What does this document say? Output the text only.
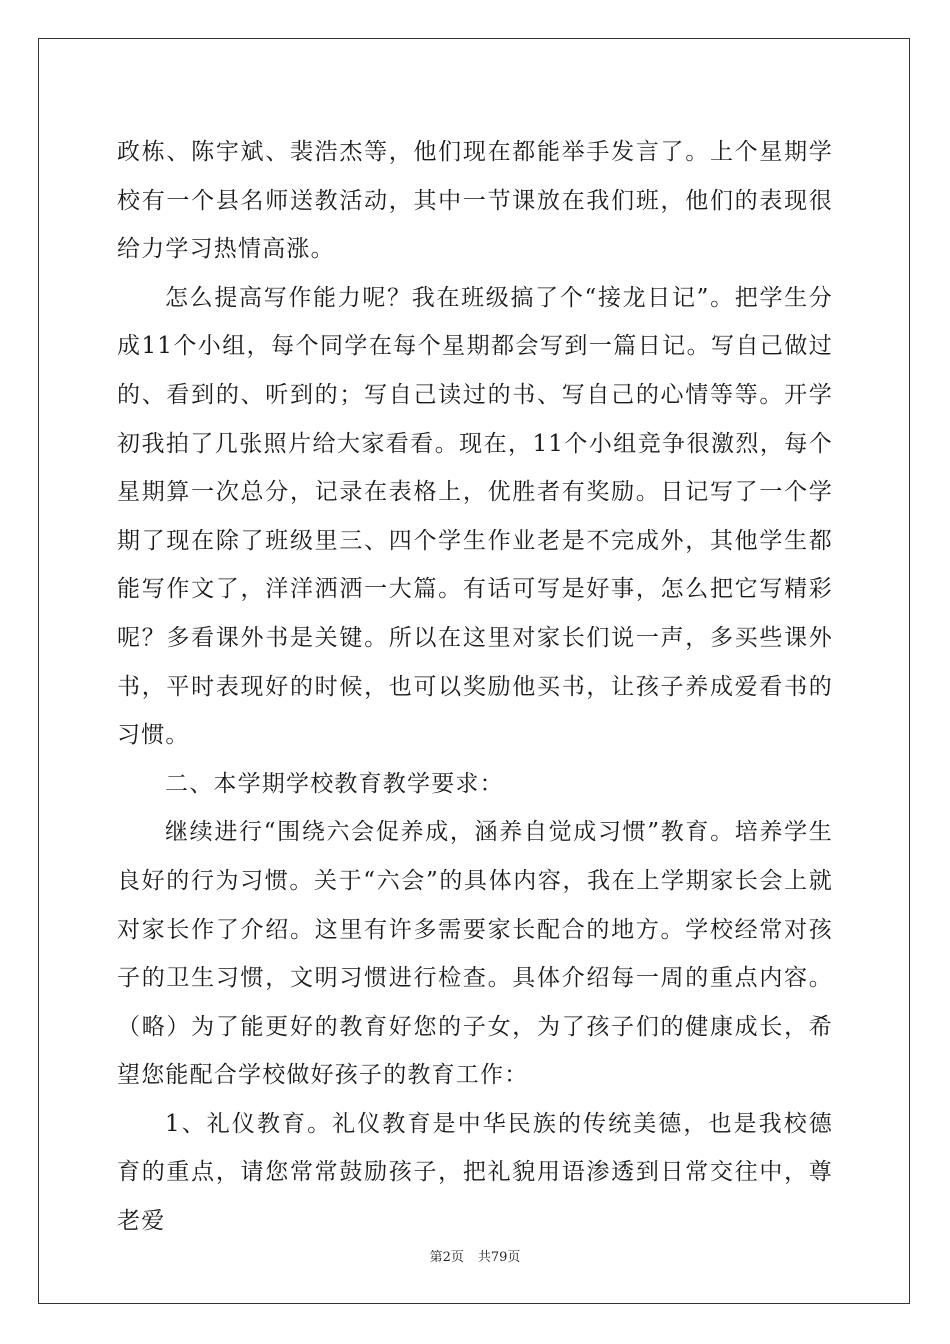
政栋、陈宇斌、裴浩杰等，他们现在都能举手发言了。上个星期学校有一个县名师送教活动，其中一节课放在我们班，他们的表现很给力学习热情高涨。

怎么提高写作能力呢？我在班级搞了个“接龙日记”。把学生分成11个小组，每个同学在每个星期都会写到一篇日记。写自己做过的、看到的、听到的；写自己读过的书、写自己的心情等等。开学初我拍了几张照片给大家看看。现在，11个小组竞争很激烈，每个星期算一次总分，记录在表格上，优胜者有奖励。日记写了一个学期了现在除了班级里三、四个学生作业老是不完成外，其他学生都能写作文了，洋洋洒洒一大篇。有话可写是好事，怎么把它写精彩呢？多看课外书是关键。所以在这里对家长们说一声，多买些课外书，平时表现好的时候，也可以奖励他买书，让孩子养成爱看书的习惯。

二、本学期学校教育教学要求：

继续进行“围绕六会促养成，涵养自觉成习惯”教育。培养学生良好的行为习惯。关于“六会”的具体内容，我在上学期家长会上就对家长作了介绍。这里有许多需要家长配合的地方。学校经常对孩子的卫生习惯，文明习惯进行检查。具体介绍每一周的重点内容。（略）为了能更好的教育好您的子女，为了孩子们的健康成长，希望您能配合学校做好孩子的教育工作：

1、礼仪教育。礼仪教育是中华民族的传统美德，也是我校德育的重点，请您常常鼓励孩子，把礼貌用语渗透到日常交往中，尊老爱

第2页 共79页
